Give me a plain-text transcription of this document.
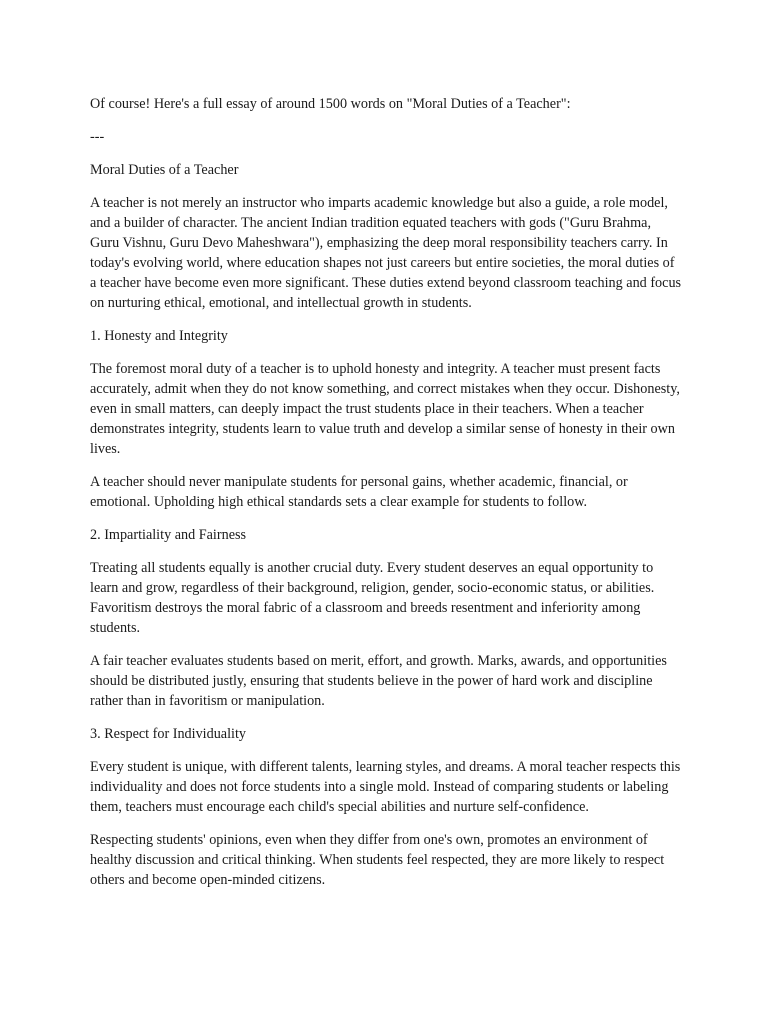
Of course! Here's a full essay of around 1500 words on "Moral Duties of a Teacher":

---

Moral Duties of a Teacher

A teacher is not merely an instructor who imparts academic knowledge but also a guide, a role model, and a builder of character. The ancient Indian tradition equated teachers with gods ("Guru Brahma, Guru Vishnu, Guru Devo Maheshwara"), emphasizing the deep moral responsibility teachers carry. In today's evolving world, where education shapes not just careers but entire societies, the moral duties of a teacher have become even more significant. These duties extend beyond classroom teaching and focus on nurturing ethical, emotional, and intellectual growth in students.

1. Honesty and Integrity

The foremost moral duty of a teacher is to uphold honesty and integrity. A teacher must present facts accurately, admit when they do not know something, and correct mistakes when they occur. Dishonesty, even in small matters, can deeply impact the trust students place in their teachers. When a teacher demonstrates integrity, students learn to value truth and develop a similar sense of honesty in their own lives.

A teacher should never manipulate students for personal gains, whether academic, financial, or emotional. Upholding high ethical standards sets a clear example for students to follow.

2. Impartiality and Fairness

Treating all students equally is another crucial duty. Every student deserves an equal opportunity to learn and grow, regardless of their background, religion, gender, socio-economic status, or abilities. Favoritism destroys the moral fabric of a classroom and breeds resentment and inferiority among students.

A fair teacher evaluates students based on merit, effort, and growth. Marks, awards, and opportunities should be distributed justly, ensuring that students believe in the power of hard work and discipline rather than in favoritism or manipulation.

3. Respect for Individuality

Every student is unique, with different talents, learning styles, and dreams. A moral teacher respects this individuality and does not force students into a single mold. Instead of comparing students or labeling them, teachers must encourage each child's special abilities and nurture self-confidence.

Respecting students' opinions, even when they differ from one's own, promotes an environment of healthy discussion and critical thinking. When students feel respected, they are more likely to respect others and become open-minded citizens.
